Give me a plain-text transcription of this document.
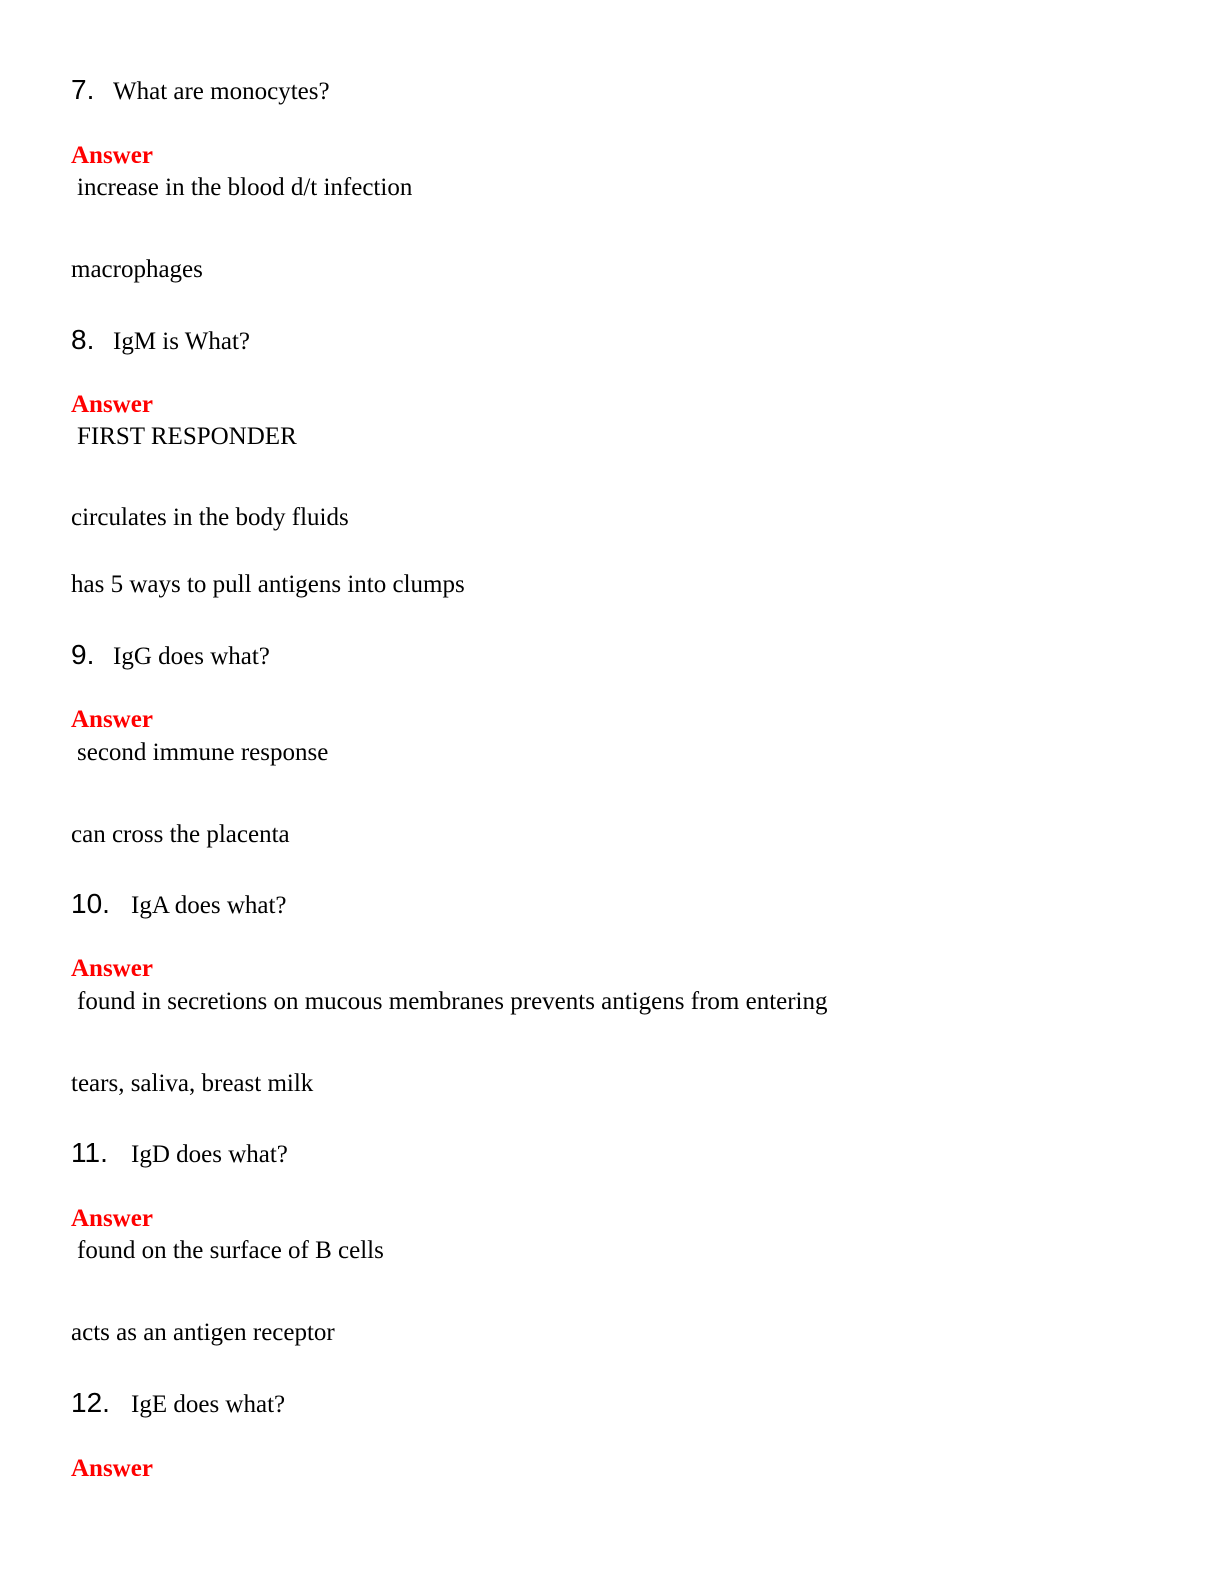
7. What are monocytes?
Answer
increase in the blood d/t infection
macrophages
8. IgM is What?
Answer
FIRST RESPONDER
circulates in the body fluids
has 5 ways to pull antigens into clumps
9. IgG does what?
Answer
second immune response
can cross the placenta
10. IgA does what?
Answer
found in secretions on mucous membranes prevents antigens from entering
tears, saliva, breast milk
11. IgD does what?
Answer
found on the surface of B cells
acts as an antigen receptor
12. IgE does what?
Answer
